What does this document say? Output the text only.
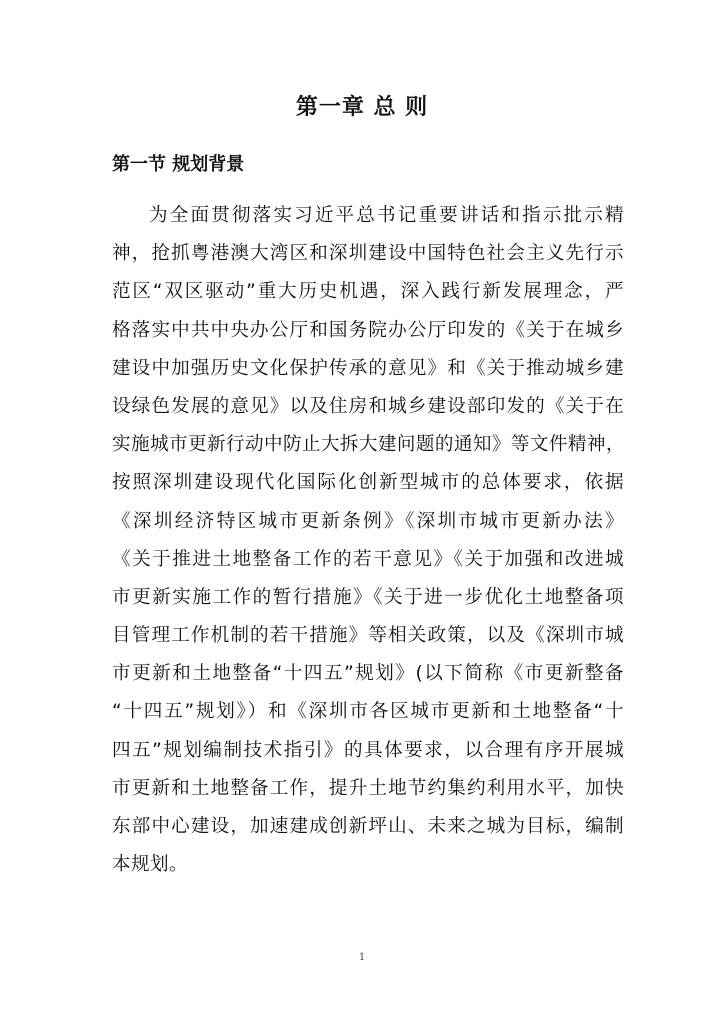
第一章 总 则
第一节 规划背景
为全面贯彻落实习近平总书记重要讲话和指示批示精
神，抢抓粤港澳大湾区和深圳建设中国特色社会主义先行示
范区“双区驱动”重大历史机遇，深入践行新发展理念，严
格落实中共中央办公厅和国务院办公厅印发的《关于在城乡
建设中加强历史文化保护传承的意见》和《关于推动城乡建
设绿色发展的意见》以及住房和城乡建设部印发的《关于在
实施城市更新行动中防止大拆大建问题的通知》等文件精神，
按照深圳建设现代化国际化创新型城市的总体要求，依据
《深圳经济特区城市更新条例》《深圳市城市更新办法》
《关于推进土地整备工作的若干意见》《关于加强和改进城
市更新实施工作的暂行措施》《关于进一步优化土地整备项
目管理工作机制的若干措施》等相关政策，以及《深圳市城
市更新和土地整备“十四五”规划》(以下简称《市更新整备
“十四五”规划》）和《深圳市各区城市更新和土地整备“十
四五”规划编制技术指引》的具体要求，以合理有序开展城
市更新和土地整备工作，提升土地节约集约利用水平，加快
东部中心建设，加速建成创新坪山、未来之城为目标，编制
本规划。
1
